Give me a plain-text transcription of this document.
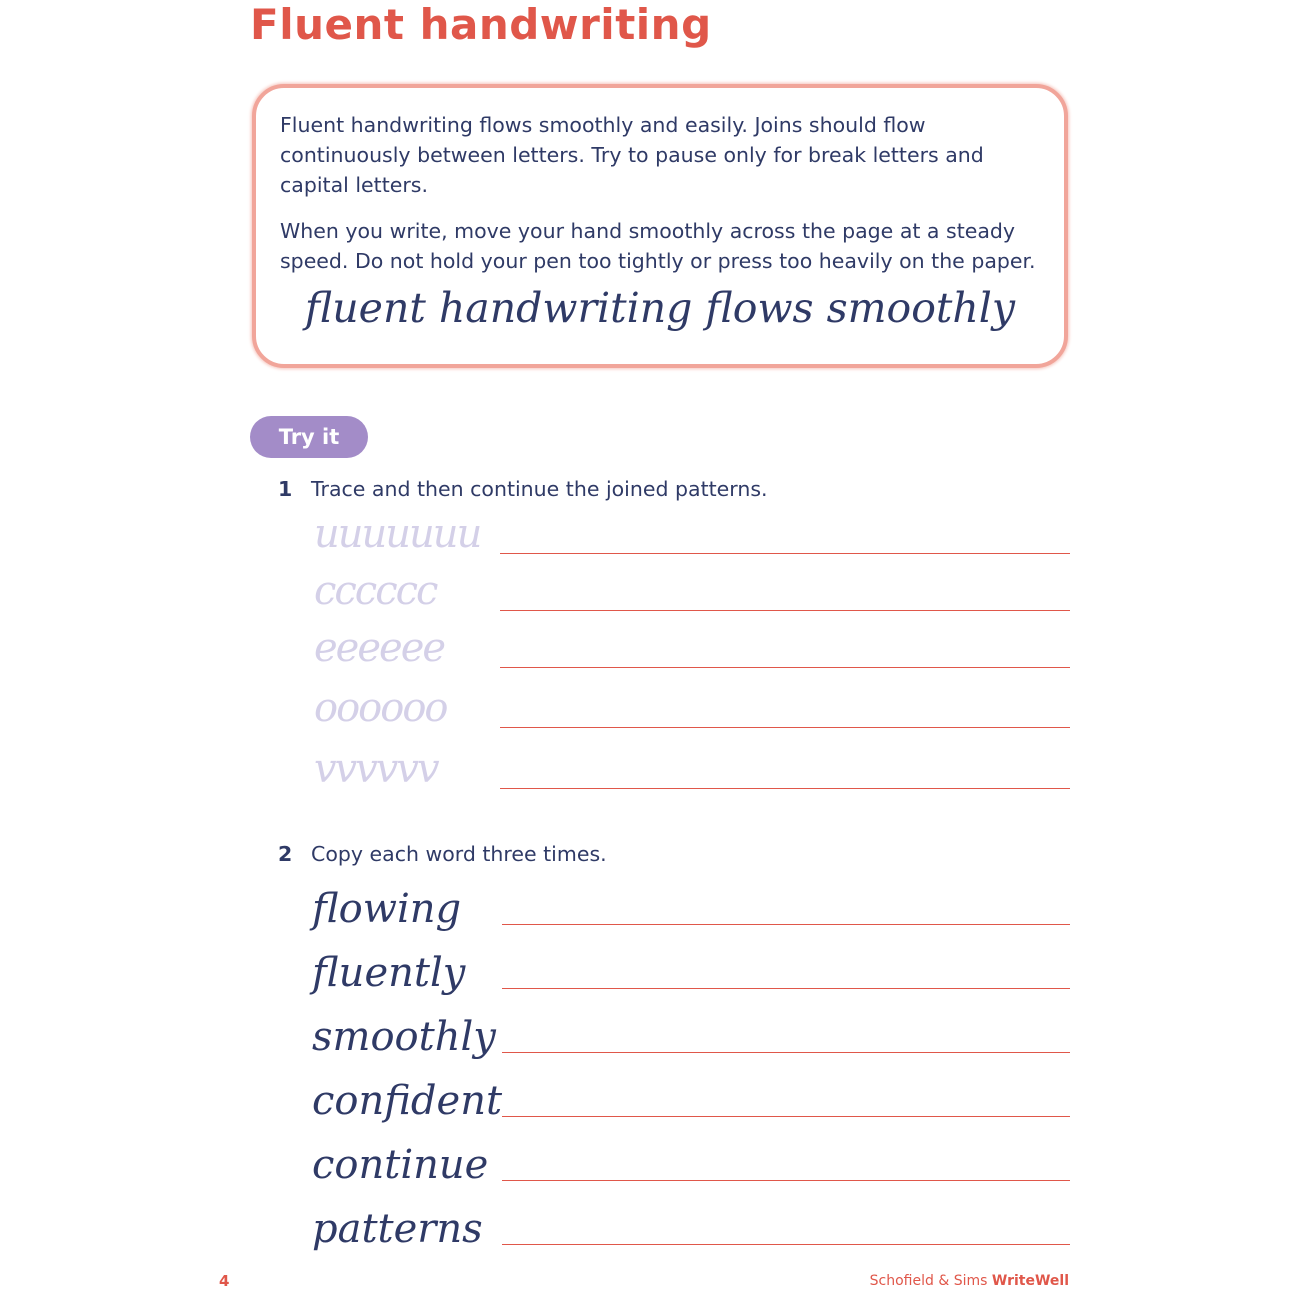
Fluent handwriting

Fluent handwriting flows smoothly and easily. Joins should flow continuously between letters. Try to pause only for break letters and capital letters.

When you write, move your hand smoothly across the page at a steady speed. Do not hold your pen too tightly or press too heavily on the paper.

fluent handwriting flows smoothly
Try it
1 Trace and then continue the joined patterns.
uuuuuuu
cccccc
eeeeee
oooooo
vvvvvv
2 Copy each word three times.
flowing
fluently
smoothly
confident
continue
patterns
4	Schofield & Sims WriteWell
